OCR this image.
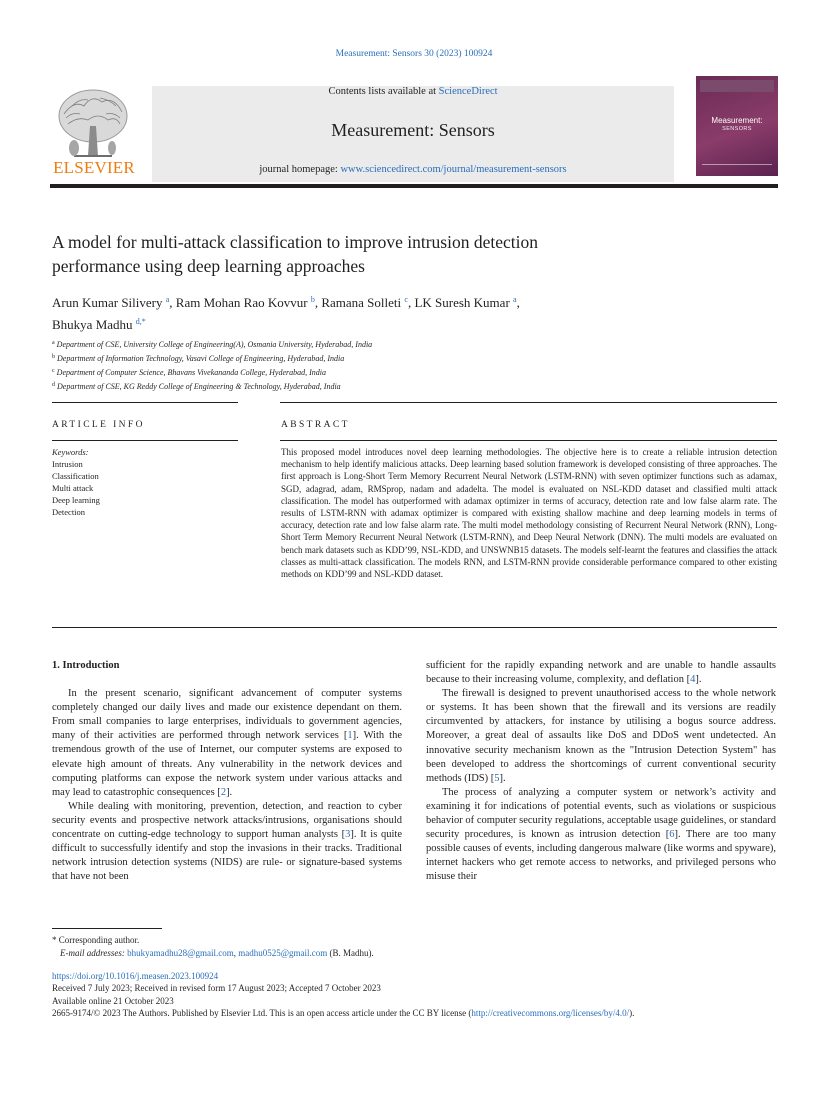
Measurement: Sensors 30 (2023) 100924
ELSEVIER
Contents lists available at ScienceDirect
Measurement: Sensors
journal homepage: www.sciencedirect.com/journal/measurement-sensors
Measurement:
SENSORS
A model for multi-attack classification to improve intrusion detection
performance using deep learning approaches
Arun Kumar Silivery $^a$, Ram Mohan Rao Kovvur $^b$, Ramana Solleti $^c$, LK Suresh Kumar $^a$,
Bhukya Madhu $^{d,*}$
$^a$ Department of CSE, University College of Engineering(A), Osmania University, Hyderabad, India
$^b$ Department of Information Technology, Vasavi College of Engineering, Hyderabad, India
$^c$ Department of Computer Science, Bhavans Vivekananda College, Hyderabad, India
$^d$ Department of CSE, KG Reddy College of Engineering & Technology, Hyderabad, India
ARTICLE INFO
Keywords:
Intrusion
Classification
Multi attack
Deep learning
Detection
ABSTRACT
This proposed model introduces novel deep learning methodologies. The objective here is to create a reliable intrusion detection mechanism to help identify malicious attacks. Deep learning based solution framework is developed consisting of three approaches. The first approach is Long-Short Term Memory Recurrent Neural Network (LSTM-RNN) with seven optimizer functions such as adamax, SGD, adagrad, adam, RMSprop, nadam and adadelta. The model is evaluated on NSL-KDD dataset and classified multi attack classification. The model has outperformed with adamax optimizer in terms of accuracy, detection rate and low false alarm rate. The results of LSTM-RNN with adamax optimizer is compared with existing shallow machine and deep learning models in terms of accuracy, detection rate and low false alarm rate. The multi model methodology consisting of Recurrent Neural Network (RNN), Long-Short Term Memory Recurrent Neural Network (LSTM-RNN), and Deep Neural Network (DNN). The multi models are evaluated on bench mark datasets such as KDD’99, NSL-KDD, and UNSWNB15 datasets. The models self-learnt the features and classifies the attack classes as multi-attack classification. The models RNN, and LSTM-RNN provide considerable performance compared to other existing methods on KDD’99 and NSL-KDD dataset.

1. Introduction

In the present scenario, significant advancement of computer systems completely changed our daily lives and made our existence dependant on them. From small companies to large enterprises, individuals to government agencies, many of their activities are performed through network services [1]. With the tremendous growth of the use of Internet, our computer systems are exposed to elevate high amount of threats. Any vulnerability in the network devices and computing platforms can expose the network system under various attacks and may lead to catastrophic consequences [2].

While dealing with monitoring, prevention, detection, and reaction to cyber security events and prospective network attacks/intrusions, organisations should concentrate on cutting-edge technology to support human analysts [3]. It is quite difficult to successfully identify and stop the invasions in their tracks. Traditional network intrusion detection systems (NIDS) are rule- or signature-based systems that have not been

sufficient for the rapidly expanding network and are unable to handle assaults because to their increasing volume, complexity, and deflation [4].

The firewall is designed to prevent unauthorised access to the whole network or systems. It has been shown that the firewall and its versions are readily circumvented by attackers, for instance by utilising a bogus source address. Moreover, a great deal of assaults like DoS and DDoS went undetected. An innovative security mechanism known as the "Intrusion Detection System" has been developed to address the shortcomings of current conventional security methods (IDS) [5].

The process of analyzing a computer system or network’s activity and examining it for indications of potential events, such as violations or suspicious behavior of computer security regulations, acceptable usage guidelines, or standard security procedures, is known as intrusion detection [6]. There are too many possible causes of events, including dangerous malware (like worms and spyware), internet hackers who get remote access to networks, and privileged persons who misuse their

* Corresponding author.
E-mail addresses: bhukyamadhu28@gmail.com, madhu0525@gmail.com (B. Madhu).
https://doi.org/10.1016/j.measen.2023.100924
Received 7 July 2023; Received in revised form 17 August 2023; Accepted 7 October 2023
Available online 21 October 2023
2665-9174/© 2023 The Authors. Published by Elsevier Ltd. This is an open access article under the CC BY license (http://creativecommons.org/licenses/by/4.0/).
